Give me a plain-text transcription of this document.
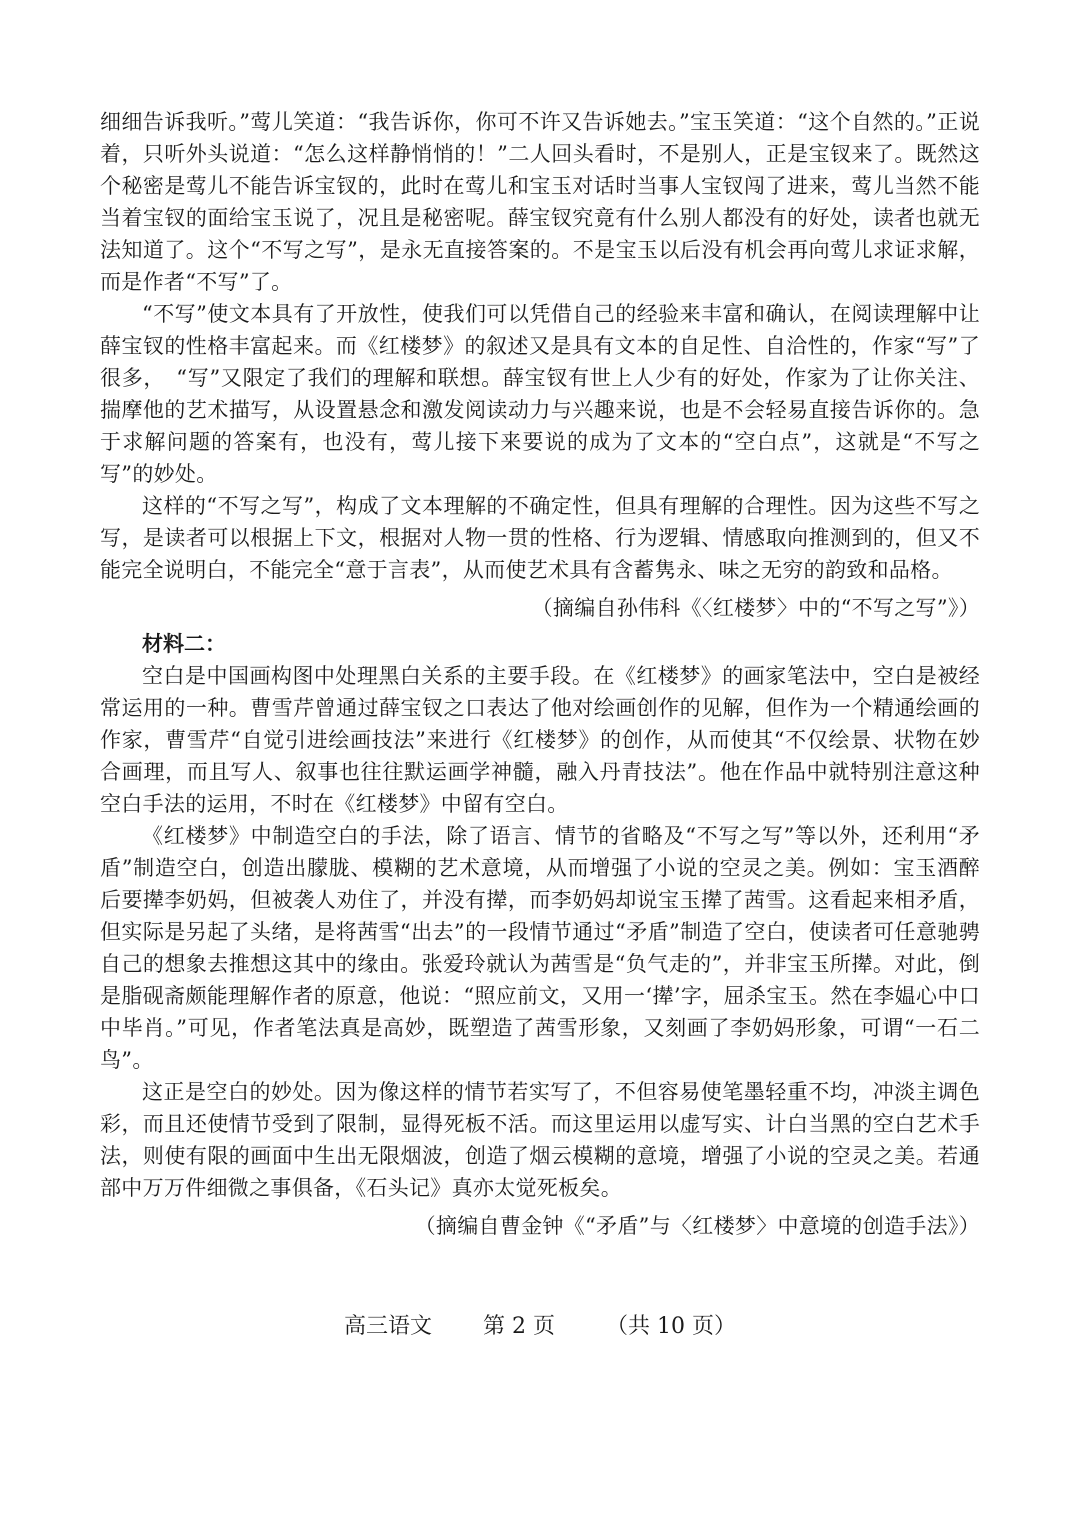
细细告诉我听。”莺儿笑道：“我告诉你，你可不许又告诉她去。”宝玉笑道：“这个自然的。”正说着，只听外头说道：“怎么这样静悄悄的！”二人回头看时，不是别人，正是宝钗来了。既然这个秘密是莺儿不能告诉宝钗的，此时在莺儿和宝玉对话时当事人宝钗闯了进来，莺儿当然不能当着宝钗的面给宝玉说了，况且是秘密呢。薛宝钗究竟有什么别人都没有的好处，读者也就无法知道了。这个“不写之写”，是永无直接答案的。不是宝玉以后没有机会再向莺儿求证求解，而是作者“不写”了。

“不写”使文本具有了开放性，使我们可以凭借自己的经验来丰富和确认，在阅读理解中让薛宝钗的性格丰富起来。而《红楼梦》的叙述又是具有文本的自足性、自洽性的，作家“写”了很多，　“写”又限定了我们的理解和联想。薛宝钗有世上人少有的好处，作家为了让你关注、揣摩他的艺术描写，从设置悬念和激发阅读动力与兴趣来说，也是不会轻易直接告诉你的。急于求解问题的答案有，也没有，莺儿接下来要说的成为了文本的“空白点”，这就是“不写之写”的妙处。

这样的“不写之写”，构成了文本理解的不确定性，但具有理解的合理性。因为这些不写之写，是读者可以根据上下文，根据对人物一贯的性格、行为逻辑、情感取向推测到的，但又不能完全说明白，不能完全“意于言表”，从而使艺术具有含蓄隽永、味之无穷的韵致和品格。

（摘编自孙伟科《〈红楼梦〉中的“不写之写”》）

材料二：

空白是中国画构图中处理黑白关系的主要手段。在《红楼梦》的画家笔法中，空白是被经常运用的一种。曹雪芹曾通过薛宝钗之口表达了他对绘画创作的见解，但作为一个精通绘画的作家，曹雪芹“自觉引进绘画技法”来进行《红楼梦》的创作，从而使其“不仅绘景、状物在妙合画理，而且写人、叙事也往往默运画学神髓，融入丹青技法”。他在作品中就特别注意这种空白手法的运用，不时在《红楼梦》中留有空白。

《红楼梦》中制造空白的手法，除了语言、情节的省略及“不写之写”等以外，还利用“矛盾”制造空白，创造出朦胧、模糊的艺术意境，从而增强了小说的空灵之美。例如：宝玉酒醉后要撵李奶妈，但被袭人劝住了，并没有撵，而李奶妈却说宝玉撵了茜雪。这看起来相矛盾，但实际是另起了头绪，是将茜雪“出去”的一段情节通过“矛盾”制造了空白，使读者可任意驰骋自己的想象去推想这其中的缘由。张爱玲就认为茜雪是“负气走的”，并非宝玉所撵。对此，倒是脂砚斋颇能理解作者的原意，他说：“照应前文，又用一‘撵’字，屈杀宝玉。然在李媪心中口中毕肖。”可见，作者笔法真是高妙，既塑造了茜雪形象，又刻画了李奶妈形象，可谓“一石二鸟”。

这正是空白的妙处。因为像这样的情节若实写了，不但容易使笔墨轻重不均，冲淡主调色彩，而且还使情节受到了限制，显得死板不活。而这里运用以虚写实、计白当黑的空白艺术手法，则使有限的画面中生出无限烟波，创造了烟云模糊的意境，增强了小说的空灵之美。若通部中万万件细微之事俱备，《石头记》真亦太觉死板矣。

（摘编自曹金钟《“矛盾”与〈红楼梦〉中意境的创造手法》）

高三语文 第 2 页 （共 10 页）
